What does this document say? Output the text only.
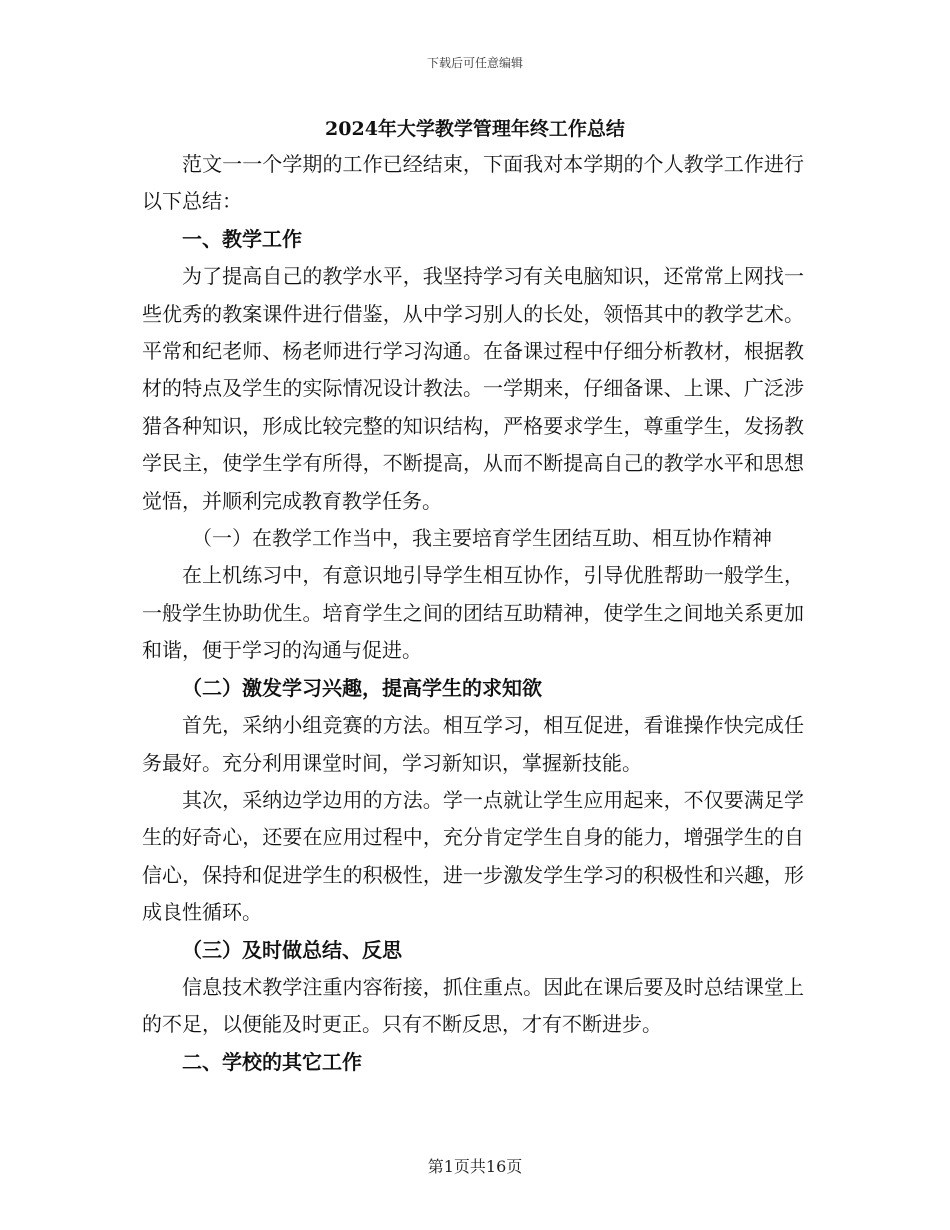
下载后可任意编辑
2024年大学教学管理年终工作总结

范文一一个学期的工作已经结束，下面我对本学期的个人教学工作进行以下总结：

一、教学工作

为了提高自己的教学水平，我坚持学习有关电脑知识，还常常上网找一些优秀的教案课件进行借鉴，从中学习别人的长处，领悟其中的教学艺术。平常和纪老师、杨老师进行学习沟通。在备课过程中仔细分析教材，根据教材的特点及学生的实际情况设计教法。一学期来，仔细备课、上课、广泛涉猎各种知识，形成比较完整的知识结构，严格要求学生，尊重学生，发扬教学民主，使学生学有所得，不断提高，从而不断提高自己的教学水平和思想觉悟，并顺利完成教育教学任务。

（一）在教学工作当中，我主要培育学生团结互助、相互协作精神

在上机练习中，有意识地引导学生相互协作，引导优胜帮助一般学生，一般学生协助优生。培育学生之间的团结互助精神，使学生之间地关系更加和谐，便于学习的沟通与促进。

（二）激发学习兴趣，提高学生的求知欲

首先，采纳小组竞赛的方法。相互学习，相互促进，看谁操作快完成任务最好。充分利用课堂时间，学习新知识，掌握新技能。

其次，采纳边学边用的方法。学一点就让学生应用起来，不仅要满足学生的好奇心，还要在应用过程中，充分肯定学生自身的能力，增强学生的自信心，保持和促进学生的积极性，进一步激发学生学习的积极性和兴趣，形成良性循环。

（三）及时做总结、反思

信息技术教学注重内容衔接，抓住重点。因此在课后要及时总结课堂上的不足，以便能及时更正。只有不断反思，才有不断进步。

二、学校的其它工作

第1页共16页
